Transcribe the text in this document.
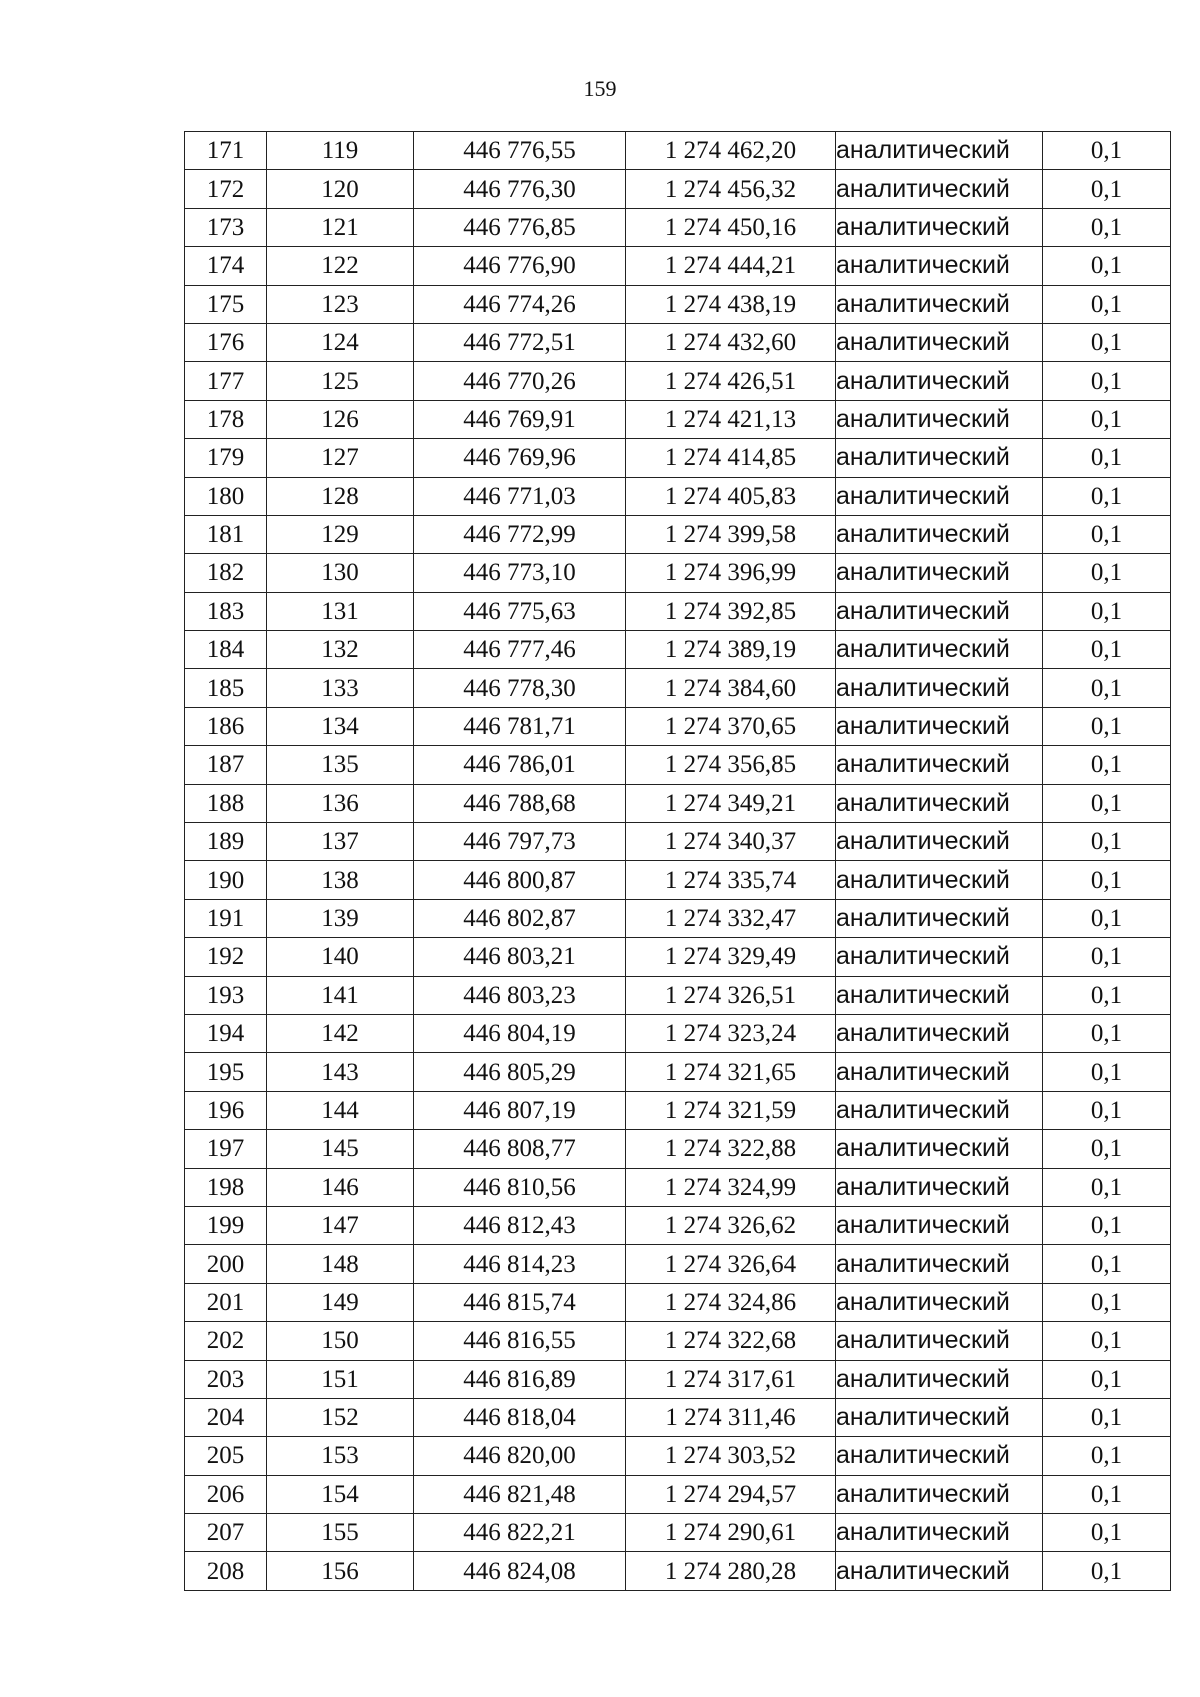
159
171	119	446 776,55	1 274 462,20	аналитический	0,1
172	120	446 776,30	1 274 456,32	аналитический	0,1
173	121	446 776,85	1 274 450,16	аналитический	0,1
174	122	446 776,90	1 274 444,21	аналитический	0,1
175	123	446 774,26	1 274 438,19	аналитический	0,1
176	124	446 772,51	1 274 432,60	аналитический	0,1
177	125	446 770,26	1 274 426,51	аналитический	0,1
178	126	446 769,91	1 274 421,13	аналитический	0,1
179	127	446 769,96	1 274 414,85	аналитический	0,1
180	128	446 771,03	1 274 405,83	аналитический	0,1
181	129	446 772,99	1 274 399,58	аналитический	0,1
182	130	446 773,10	1 274 396,99	аналитический	0,1
183	131	446 775,63	1 274 392,85	аналитический	0,1
184	132	446 777,46	1 274 389,19	аналитический	0,1
185	133	446 778,30	1 274 384,60	аналитический	0,1
186	134	446 781,71	1 274 370,65	аналитический	0,1
187	135	446 786,01	1 274 356,85	аналитический	0,1
188	136	446 788,68	1 274 349,21	аналитический	0,1
189	137	446 797,73	1 274 340,37	аналитический	0,1
190	138	446 800,87	1 274 335,74	аналитический	0,1
191	139	446 802,87	1 274 332,47	аналитический	0,1
192	140	446 803,21	1 274 329,49	аналитический	0,1
193	141	446 803,23	1 274 326,51	аналитический	0,1
194	142	446 804,19	1 274 323,24	аналитический	0,1
195	143	446 805,29	1 274 321,65	аналитический	0,1
196	144	446 807,19	1 274 321,59	аналитический	0,1
197	145	446 808,77	1 274 322,88	аналитический	0,1
198	146	446 810,56	1 274 324,99	аналитический	0,1
199	147	446 812,43	1 274 326,62	аналитический	0,1
200	148	446 814,23	1 274 326,64	аналитический	0,1
201	149	446 815,74	1 274 324,86	аналитический	0,1
202	150	446 816,55	1 274 322,68	аналитический	0,1
203	151	446 816,89	1 274 317,61	аналитический	0,1
204	152	446 818,04	1 274 311,46	аналитический	0,1
205	153	446 820,00	1 274 303,52	аналитический	0,1
206	154	446 821,48	1 274 294,57	аналитический	0,1
207	155	446 822,21	1 274 290,61	аналитический	0,1
208	156	446 824,08	1 274 280,28	аналитический	0,1
